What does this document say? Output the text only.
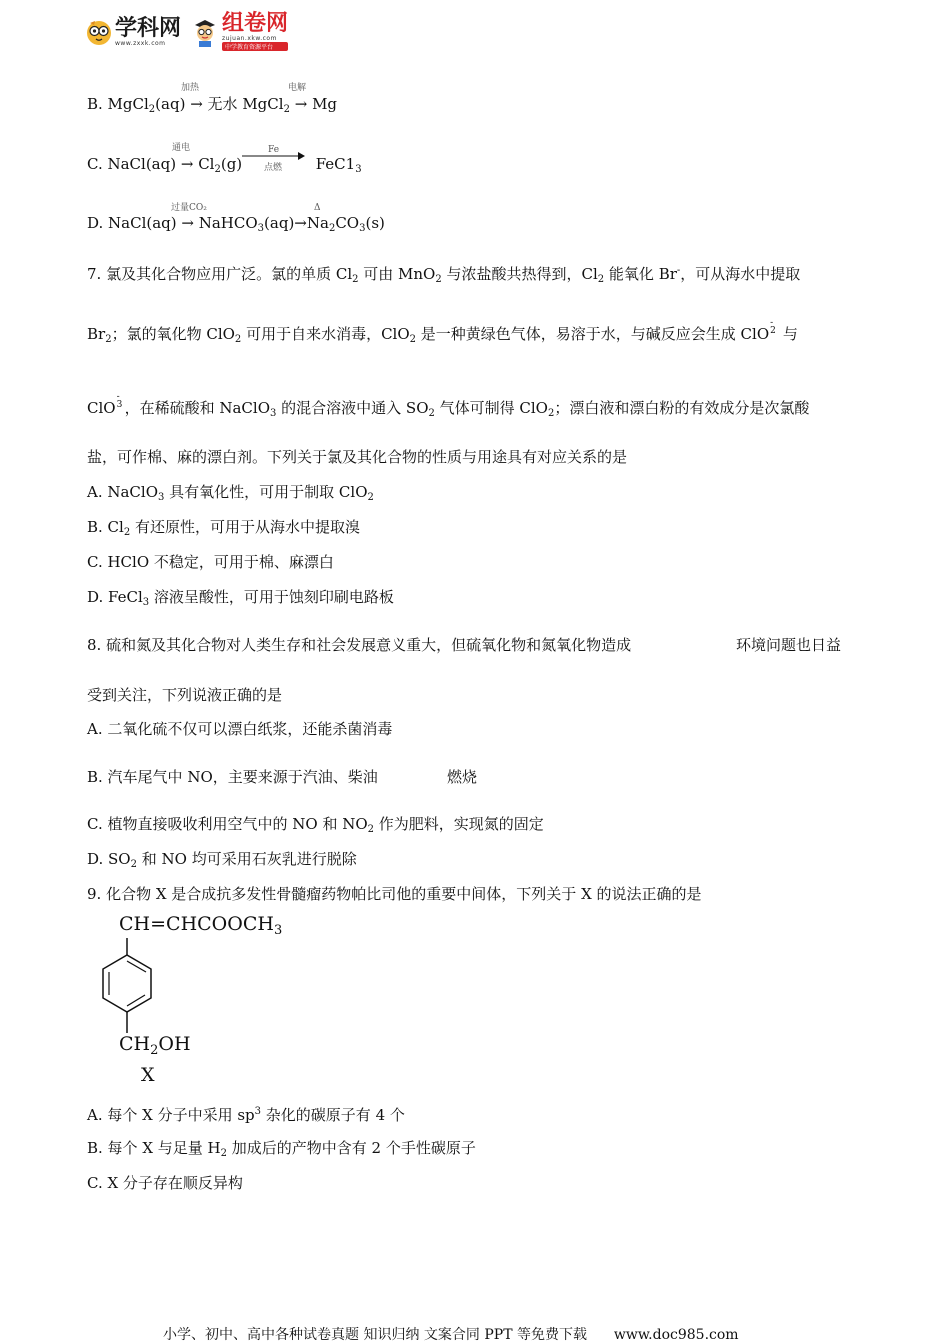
学科网
www.zxxk.com
组卷网
zujuan.xkw.com
中学教育资源平台
加热	电解
B. MgCl$_2$(aq) → 无水 MgCl$_2$ → Mg
通电	Fe
点燃
C. NaCl(aq) → $Cl_2(g)$	$FeC1_3$
过量CO₂	Δ
D. NaCl(aq) → $NaHCO_3(aq)\to Na_2CO_3(s)$
7. 氯及其化合物应用广泛。氯的单质 $Cl_2$ 可由 MnO$_2$ 与浓盐酸共热得到，$Cl_2$ 能氧化 Br-，可从海水中提取
$Br_2$；氯的氧化物 ClO$_2$ 可用于自来水消毒，ClO$_2$ 是一种黄绿色气体，易溶于水，与碱反应会生成 ClO
-
2 与
ClO
-
3 ，在稀硫酸和 NaClO$_3$ 的混合溶液中通入 $SO_2$ 气体可制得 ClO$_2$；漂白液和漂白粉的有效成分是次氯酸
盐，可作棉、麻的漂白剂。下列关于氯及其化合物的性质与用途具有对应关系的是
A. NaClO$_3$ 具有氧化性，可用于制取 ClO$_2$
B. $Cl_2$ 有还原性，可用于从海水中提取溴
C. HClO 不稳定，可用于棉、麻漂白
D. FeCl$_3$ 溶液呈酸性，可用于蚀刻印刷电路板
8. 硫和氮及其化合物对人类生存和社会发展意义重大，但硫氧化物和氮氧化物造成	环境问题也日益
受到关注，下列说液正确的是
A. 二氧化硫不仅可以漂白纸浆，还能杀菌消毒
B. 汽车尾气中 NO，主要来源于汽油、柴油	燃烧
C. 植物直接吸收利用空气中的 NO 和 $NO_2$ 作为肥料，实现氮的固定
D. $SO_2$ 和 NO 均可采用石灰乳进行脱除
9. 化合物 X 是合成抗多发性骨髓瘤药物帕比司他的重要中间体，下列关于 X 的说法正确的是
$CH=CHCOOCH_3$
$CH_2OH$
X
A. 每个 X 分子中采用 $sp^3$ 杂化的碳原子有 4 个
B. 每个 X 与足量 $H_2$ 加成后的产物中含有 2 个手性碳原子
C. X 分子存在顺反异构
小学、初中、高中各种试卷真题 知识归纳 文案合同 PPT 等免费下载 www.doc985.com
